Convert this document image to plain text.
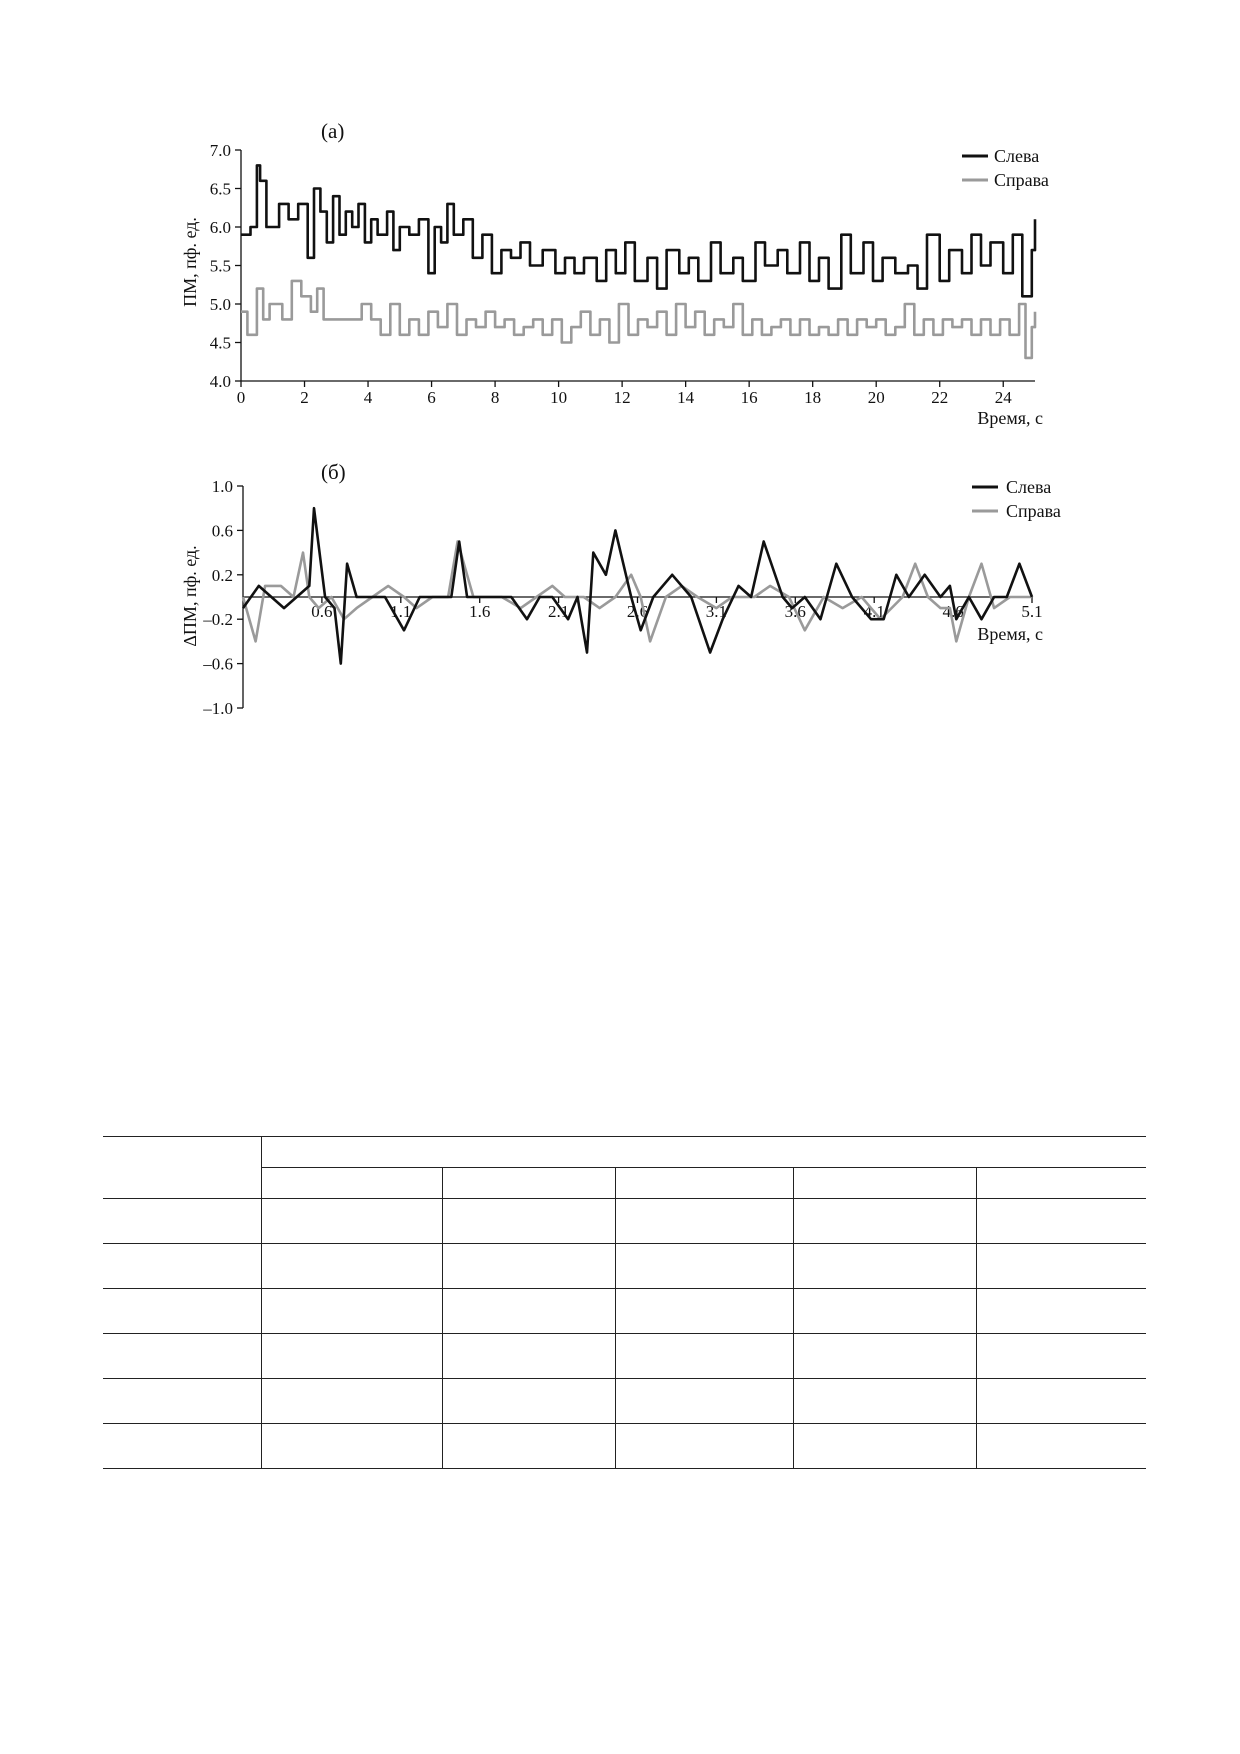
(a)
ПМ, пф. ед.
Время, с
4.0
4.5
5.0
5.5
6.0
6.5
7.0
0	2	4	6	8	10	12	14	16	18	20	22	24
Слева
Справа
(б)
ΔПМ, пф. ед.	Время, с
–1.0
–0.6
–0.2
0.2
0.6
1.0
0.6	1.1	1.6	2.1	2.6	3.1	3.6	4.1	4.6	5.1
Слева
Справа
